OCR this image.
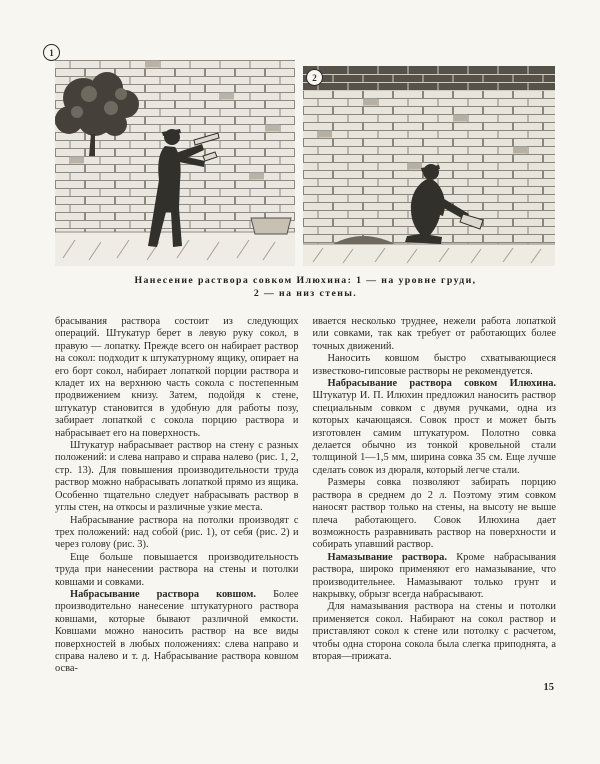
1
2
Нанесение раствора совком Илюхина: 1 — на уровне груди,
2 — на низ стены.

брасывания раствора состоит из следующих операций. Штукатур берет в левую руку сокол, в правую — лопатку. Прежде всего он набирает раствор на сокол: подходит к штукатурному ящику, опирает на его борт сокол, набирает лопаткой порции раствора и кладет их на верхнюю часть сокола с постепенным продвижением книзу. Затем, подойдя к стене, штукатур становится в удобную для работы позу, забирает лопаткой с сокола порцию раствора и набрасывает его на поверхность.

Штукатур набрасывает раствор на стену с разных положений: и слева направо и справа налево (рис. 1, 2, стр. 13). Для повышения производительности труда раствор можно набрасывать лопаткой прямо из ящика. Особенно тщательно следует набрасывать раствор в углы стен, на откосы и различные узкие места.

Набрасывание раствора на потолки производят с трех положений: над собой (рис. 1), от себя (рис. 2) и через голову (рис. 3).

Еще больше повышается производительность труда при нанесении раствора на стены и потолки ковшами и совками.

Набрасывание раствора ковшом. Более производительно нанесение штукатурного раствора ковшами, которые бывают различной емкости. Ковшами можно наносить раствор на все виды поверхностей в любых положениях: слева направо и справа налево и т. д. Набрасывание раствора ковшом осва-

ивается несколько труднее, нежели работа лопаткой или совками, так как требует от работающих более точных движений.

Наносить ковшом быстро схватывающиеся известково-гипсовые растворы не рекомендуется.

Набрасывание раствора совком Илюхина. Штукатур И. П. Илюхин предложил наносить раствор специальным совком с двумя ручками, одна из которых качающаяся. Совок прост и может быть изготовлен самим штукатуром. Полотно совка делается обычно из тонкой кровельной стали толщиной 1—1,5 мм, ширина совка 35 см. Еще лучше сделать совок из дюраля, который легче стали.

Размеры совка позволяют забирать порцию раствора в среднем до 2 л. Поэтому этим совком наносят раствор только на стены, на высоту не выше плеча работающего. Совок Илюхина дает возможность разравнивать раствор на поверхности и собирать упавший раствор.

Намазывание раствора. Кроме набрасывания раствора, широко применяют его намазывание, что производительнее. Намазывают только грунт и накрывку, обрызг всегда набрасывают.

Для намазывания раствора на стены и потолки применяется сокол. Набирают на сокол раствор и приставляют сокол к стене или потолку с расчетом, чтобы одна сторона сокола была слегка приподнята, а вторая—прижата.

15
